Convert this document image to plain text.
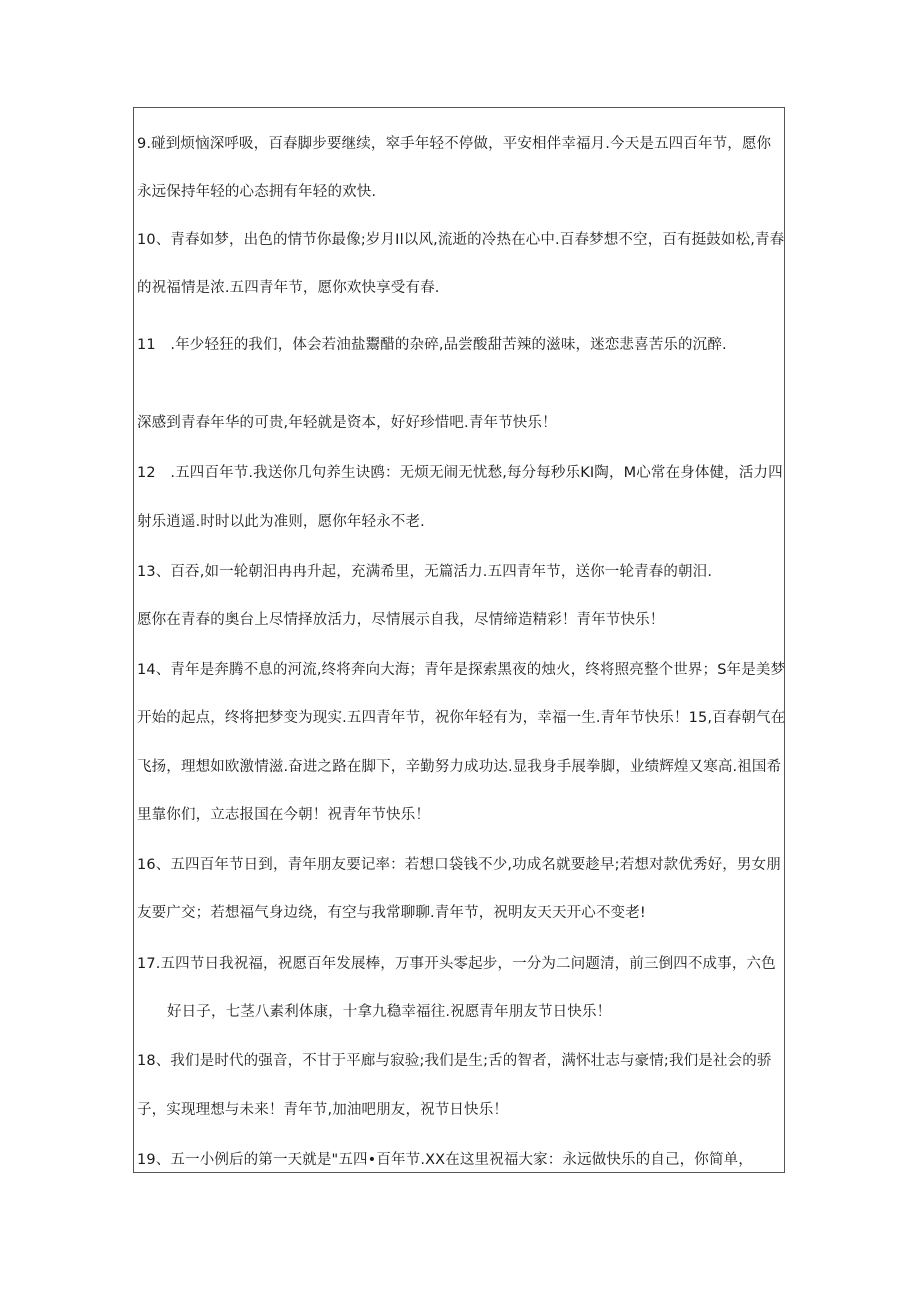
9.碰到烦恼深呼吸，百春脚步要继续，窣手年轻不停做，平安相伴幸福月.今天是五四百年节，愿你
永远保持年轻的心态拥有年轻的欢快.
10、青春如梦，出色的情节你最像;岁月Il以风,流逝的冷热在心中.百春梦想不空，百有挺鼓如松,青春
的祝福情是浓.五四青年节，愿你欢快享受有春.
11　.年少轻狂的我们，体会若油盐鬻醋的杂碎,品尝酸甜苦辣的滋味，迷恋悲喜苦乐的沉醉.
深感到青春年华的可贵,年轻就是资本，好好珍惜吧.青年节快乐！
12　.五四百年节.我送你几句养生诀鸥：无烦无闹无忧愁,每分每秒乐KI陶，M心常在身体健，活力四
射乐逍遥.时时以此为准则，愿你年轻永不老.
13、百吞,如一轮朝汨冉冉升起，充满希里，无篇活力.五四青年节，送你一轮青春的朝汨.
愿你在青春的奥台上尽情择放活力，尽情展示自我，尽情缔造精彩！青年节快乐！
14、青年是奔腾不息的河流,终将奔向大海；青年是探索黑夜的烛火，终将照亮整个世界；S年是美梦
开始的起点，终将把梦变为现实.五四青年节，祝你年轻有为，幸福一生.青年节快乐！15,百春朝气在
飞扬，理想如欧激情滋.奋进之路在脚下，辛勤努力成功达.显我身手展拳脚，业绩辉煌又寒高.祖国希
里靠你们，立志报国在今朝！祝青年节快乐！
16、五四百年节日到，青年朋友要记率：若想口袋钱不少,功成名就要趁早;若想对款优秀好，男女朋
友要广交；若想福气身边绕，有空与我常聊聊.青年节，祝明友天天开心不变老!
17.五四节日我祝福，祝愿百年发展棒，万事开头零起步，一分为二问题清，前三倒四不成事，六色
好日子，七茎八素利体康，十拿九稳幸福往.祝愿青年朋友节日快乐！
18、我们是时代的强音，不甘于平廊与寂验;我们是生;舌的智者，满怀壮志与豪情;我们是社会的骄
子，实现理想与未来！青年节,加油吧朋友，祝节日快乐！
19、五一小例后的第一天就是"五四•百年节.XX在这里祝福大家：永远做快乐的自己，你简单，
